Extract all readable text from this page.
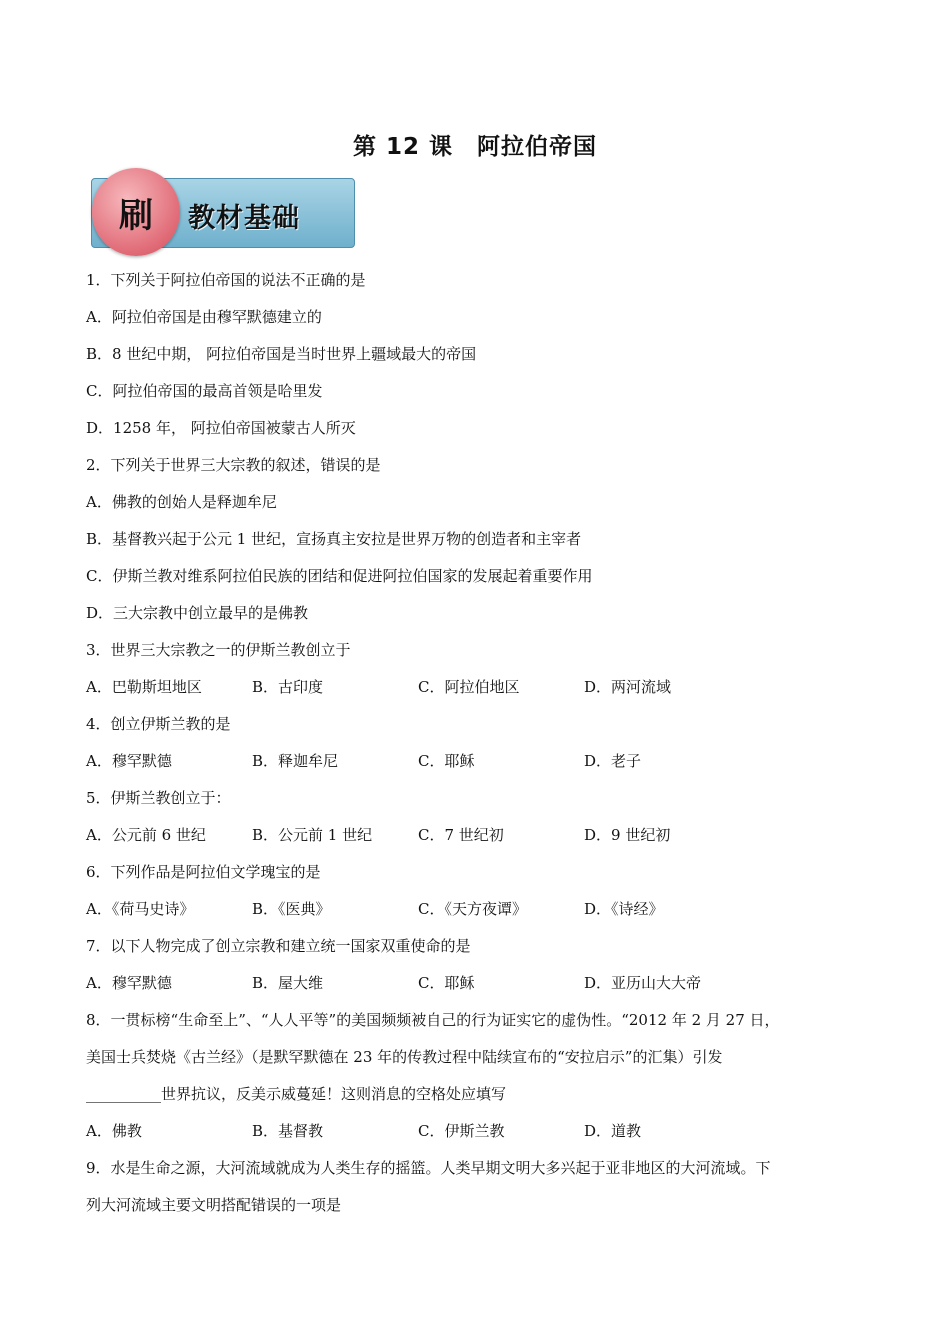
第 12 课　阿拉伯帝国
刷 教材基础
1．下列关于阿拉伯帝国的说法不正确的是
A．阿拉伯帝国是由穆罕默德建立的
B．8 世纪中期， 阿拉伯帝国是当时世界上疆域最大的帝国
C．阿拉伯帝国的最高首领是哈里发
D．1258 年， 阿拉伯帝国被蒙古人所灭
2．下列关于世界三大宗教的叙述，错误的是
A．佛教的创始人是释迦牟尼
B．基督教兴起于公元 1 世纪，宣扬真主安拉是世界万物的创造者和主宰者
C．伊斯兰教对维系阿拉伯民族的团结和促进阿拉伯国家的发展起着重要作用
D．三大宗教中创立最早的是佛教
3．世界三大宗教之一的伊斯兰教创立于
A．巴勒斯坦地区	B．古印度	C．阿拉伯地区	D．两河流域
4．创立伊斯兰教的是
A．穆罕默德	B．释迦牟尼	C．耶稣	D．老子
5．伊斯兰教创立于：
A．公元前 6 世纪	B．公元前 1 世纪	C．7 世纪初	D．9 世纪初
6．下列作品是阿拉伯文学瑰宝的是
A．《荷马史诗》	B．《医典》	C．《天方夜谭》	D．《诗经》
7．以下人物完成了创立宗教和建立统一国家双重使命的是
A．穆罕默德	B．屋大维	C．耶稣	D．亚历山大大帝
8．一贯标榜“生命至上”、“人人平等”的美国频频被自己的行为证实它的虚伪性。“2012 年 2 月 27 日，
美国士兵焚烧《古兰经》（是默罕默德在 23 年的传教过程中陆续宣布的“安拉启示”的汇集）引发
__________世界抗议，反美示威蔓延！这则消息的空格处应填写
A．佛教	B．基督教	C．伊斯兰教	D．道教
9．水是生命之源，大河流域就成为人类生存的摇篮。人类早期文明大多兴起于亚非地区的大河流域。下
列大河流域主要文明搭配错误的一项是
